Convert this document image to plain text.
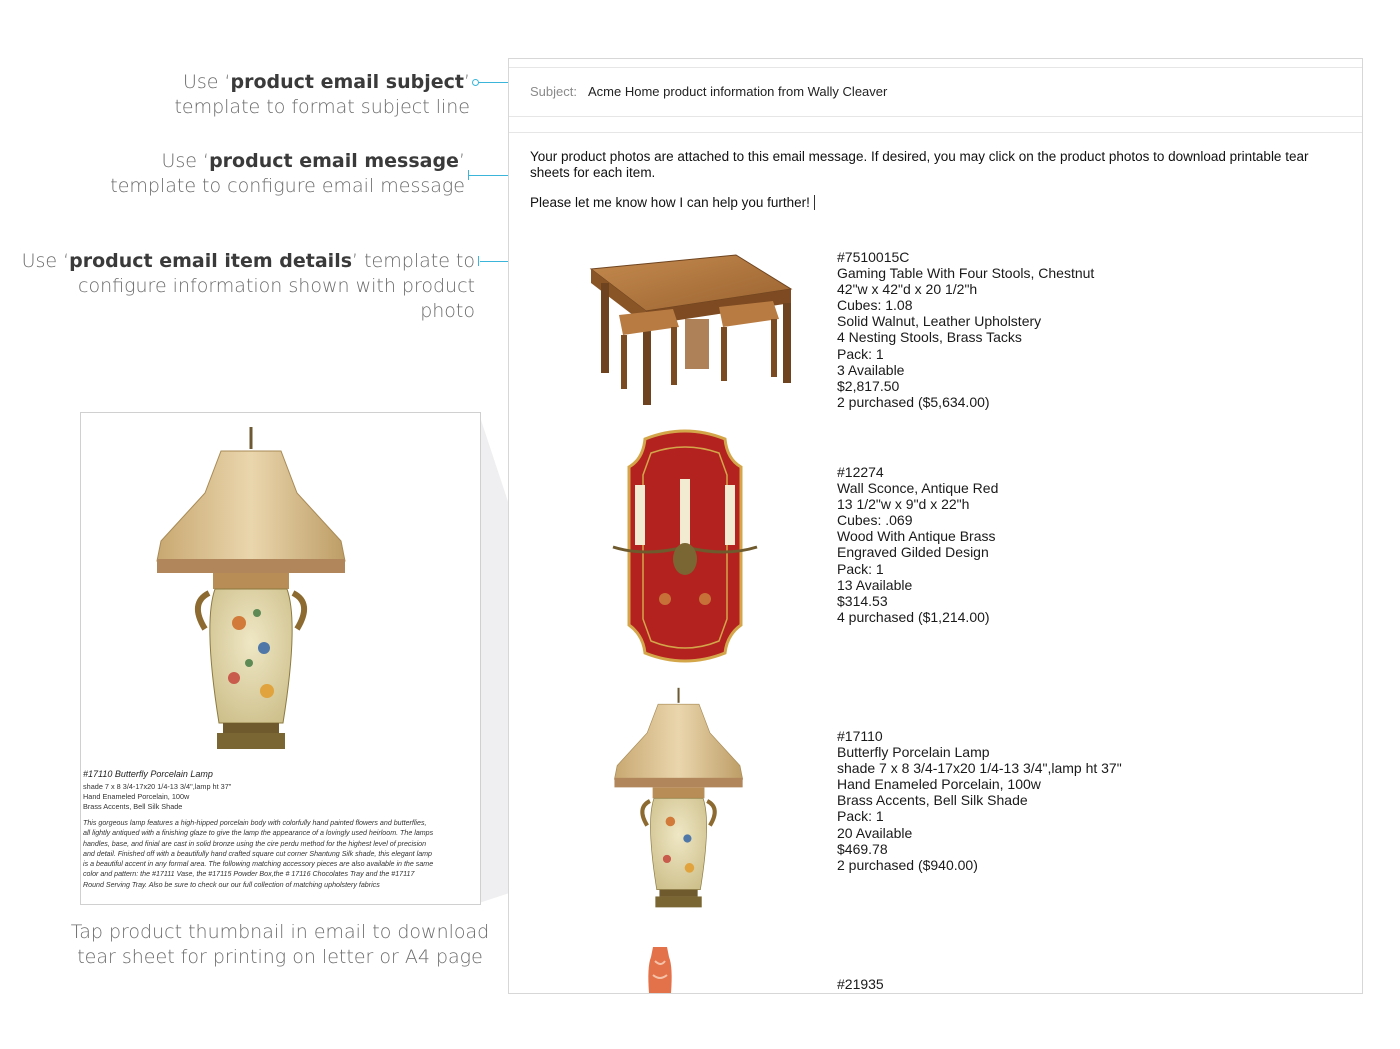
Use ‘product email subject’
template to format subject line
Use ‘product email message’
template to configure email message
Use ‘product email item details’ template to
configure information shown with product photo
#17110 Butterfly Porcelain Lamp
shade 7 x 8 3/4-17x20 1/4-13 3/4",lamp ht 37"
Hand Enameled Porcelain, 100w
Brass Accents, Bell Silk Shade
This gorgeous lamp features a high-hipped porcelain body with colorfully hand painted flowers and butterflies, all lightly antiqued with a finishing glaze to give the lamp the appearance of a lovingly used heirloom. The lamps handles, base, and finial are cast in solid bronze using the cire perdu method for the highest level of precision and detail. Finished off with a beautifully hand crafted square cut corner Shantung Silk shade, this elegant lamp is a beautiful accent in any formal area. The following matching accessory pieces are also available in the same color and pattern: the #17111 Vase, the #17115 Powder Box,the # 17116 Chocolates Tray and the #17117 Round Serving Tray. Also be sure to check our our full collection of matching upholstery fabrics
Tap product thumbnail in email to download
tear sheet for printing on letter or A4 page
Subject: Acme Home product information from Wally Cleaver
Your product photos are attached to this email message. If desired, you may click on the product photos to download printable tear sheets for each item.
Please let me know how I can help you further!
#7510015C
Gaming Table With Four Stools, Chestnut
42"w x 42"d x 20 1/2"h
Cubes: 1.08
Solid Walnut, Leather Upholstery
4 Nesting Stools, Brass Tacks
Pack: 1
3 Available
$2,817.50
2 purchased ($5,634.00)
#12274
Wall Sconce, Antique Red
13 1/2"w x 9"d x 22"h
Cubes: .069
Wood With Antique Brass
Engraved Gilded Design
Pack: 1
13 Available
$314.53
4 purchased ($1,214.00)
#17110
Butterfly Porcelain Lamp
shade 7 x 8 3/4-17x20 1/4-13 3/4",lamp ht 37"
Hand Enameled Porcelain, 100w
Brass Accents, Bell Silk Shade
Pack: 1
20 Available
$469.78
2 purchased ($940.00)
#21935
